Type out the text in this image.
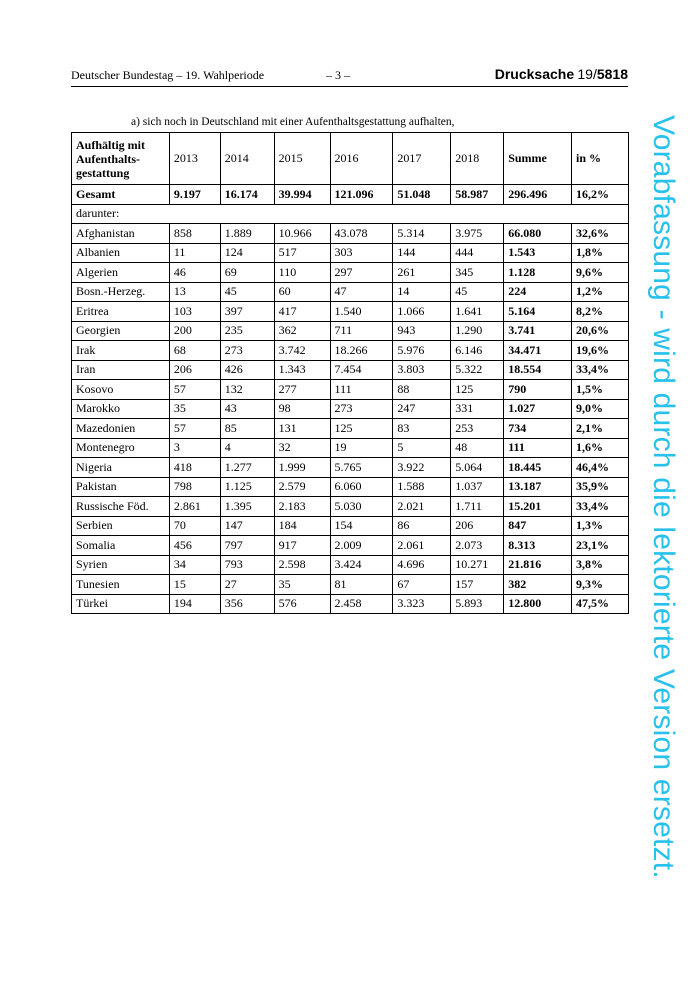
Deutscher Bundestag – 19. Wahlperiode	– 3 –	Drucksache 19/5818
a) sich noch in Deutschland mit einer Aufenthaltsgestattung aufhalten,
Aufhältig mit Aufenthalts-gestattung	2013	2014	2015	2016	2017	2018	Summe	in %
Gesamt	9.197	16.174	39.994	121.096	51.048	58.987	296.496	16,2%
darunter:								
Afghanistan	858	1.889	10.966	43.078	5.314	3.975	66.080	32,6%
Albanien	11	124	517	303	144	444	1.543	1,8%
Algerien	46	69	110	297	261	345	1.128	9,6%
Bosn.-Herzeg.	13	45	60	47	14	45	224	1,2%
Eritrea	103	397	417	1.540	1.066	1.641	5.164	8,2%
Georgien	200	235	362	711	943	1.290	3.741	20,6%
Irak	68	273	3.742	18.266	5.976	6.146	34.471	19,6%
Iran	206	426	1.343	7.454	3.803	5.322	18.554	33,4%
Kosovo	57	132	277	111	88	125	790	1,5%
Marokko	35	43	98	273	247	331	1.027	9,0%
Mazedonien	57	85	131	125	83	253	734	2,1%
Montenegro	3	4	32	19	5	48	111	1,6%
Nigeria	418	1.277	1.999	5.765	3.922	5.064	18.445	46,4%
Pakistan	798	1.125	2.579	6.060	1.588	1.037	13.187	35,9%
Russische Föd.	2.861	1.395	2.183	5.030	2.021	1.711	15.201	33,4%
Serbien	70	147	184	154	86	206	847	1,3%
Somalia	456	797	917	2.009	2.061	2.073	8.313	23,1%
Syrien	34	793	2.598	3.424	4.696	10.271	21.816	3,8%
Tunesien	15	27	35	81	67	157	382	9,3%
Türkei	194	356	576	2.458	3.323	5.893	12.800	47,5% Vorabfassung - wird durch die lektorierte Version ersetzt.
